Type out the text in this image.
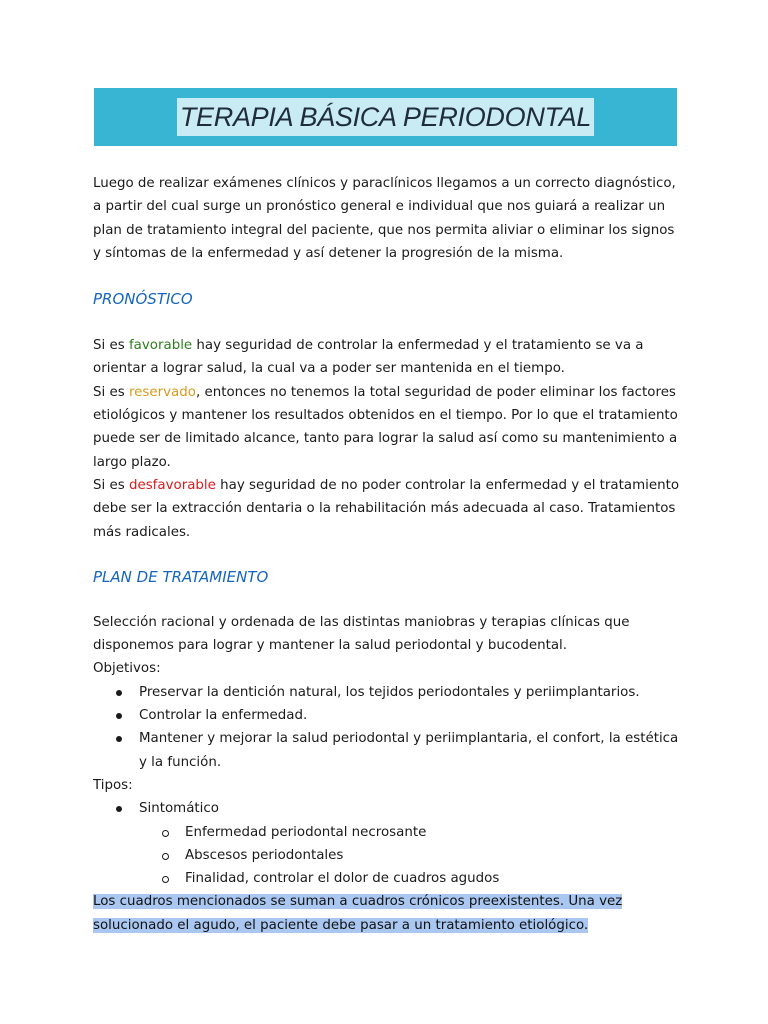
TERAPIA BÁSICA PERIODONTAL

Luego de realizar exámenes clínicos y paraclínicos llegamos a un correcto diagnóstico, a partir del cual surge un pronóstico general e individual que nos guiará a realizar un plan de tratamiento integral del paciente, que nos permita aliviar o eliminar los signos y síntomas de la enfermedad y así detener la progresión de la misma.

PRONÓSTICO

Si es favorable hay seguridad de controlar la enfermedad y el tratamiento se va a orientar a lograr salud, la cual va a poder ser mantenida en el tiempo.

Si es reservado, entonces no tenemos la total seguridad de poder eliminar los factores etiológicos y mantener los resultados obtenidos en el tiempo. Por lo que el tratamiento puede ser de limitado alcance, tanto para lograr la salud así como su mantenimiento a largo plazo.

Si es desfavorable hay seguridad de no poder controlar la enfermedad y el tratamiento debe ser la extracción dentaria o la rehabilitación más adecuada al caso. Tratamientos más radicales.

PLAN DE TRATAMIENTO

Selección racional y ordenada de las distintas maniobras y terapias clínicas que disponemos para lograr y mantener la salud periodontal y bucodental.

Objetivos:

Preservar la dentición natural, los tejidos periodontales y periimplantarios.
Controlar la enfermedad.
Mantener y mejorar la salud periodontal y periimplantaria, el confort, la estética y la función.

Tipos:

Sintomático
Enfermedad periodontal necrosante
Abscesos periodontales
Finalidad, controlar el dolor de cuadros agudos

Los cuadros mencionados se suman a cuadros crónicos preexistentes. Una vez solucionado el agudo, el paciente debe pasar a un tratamiento etiológico.
